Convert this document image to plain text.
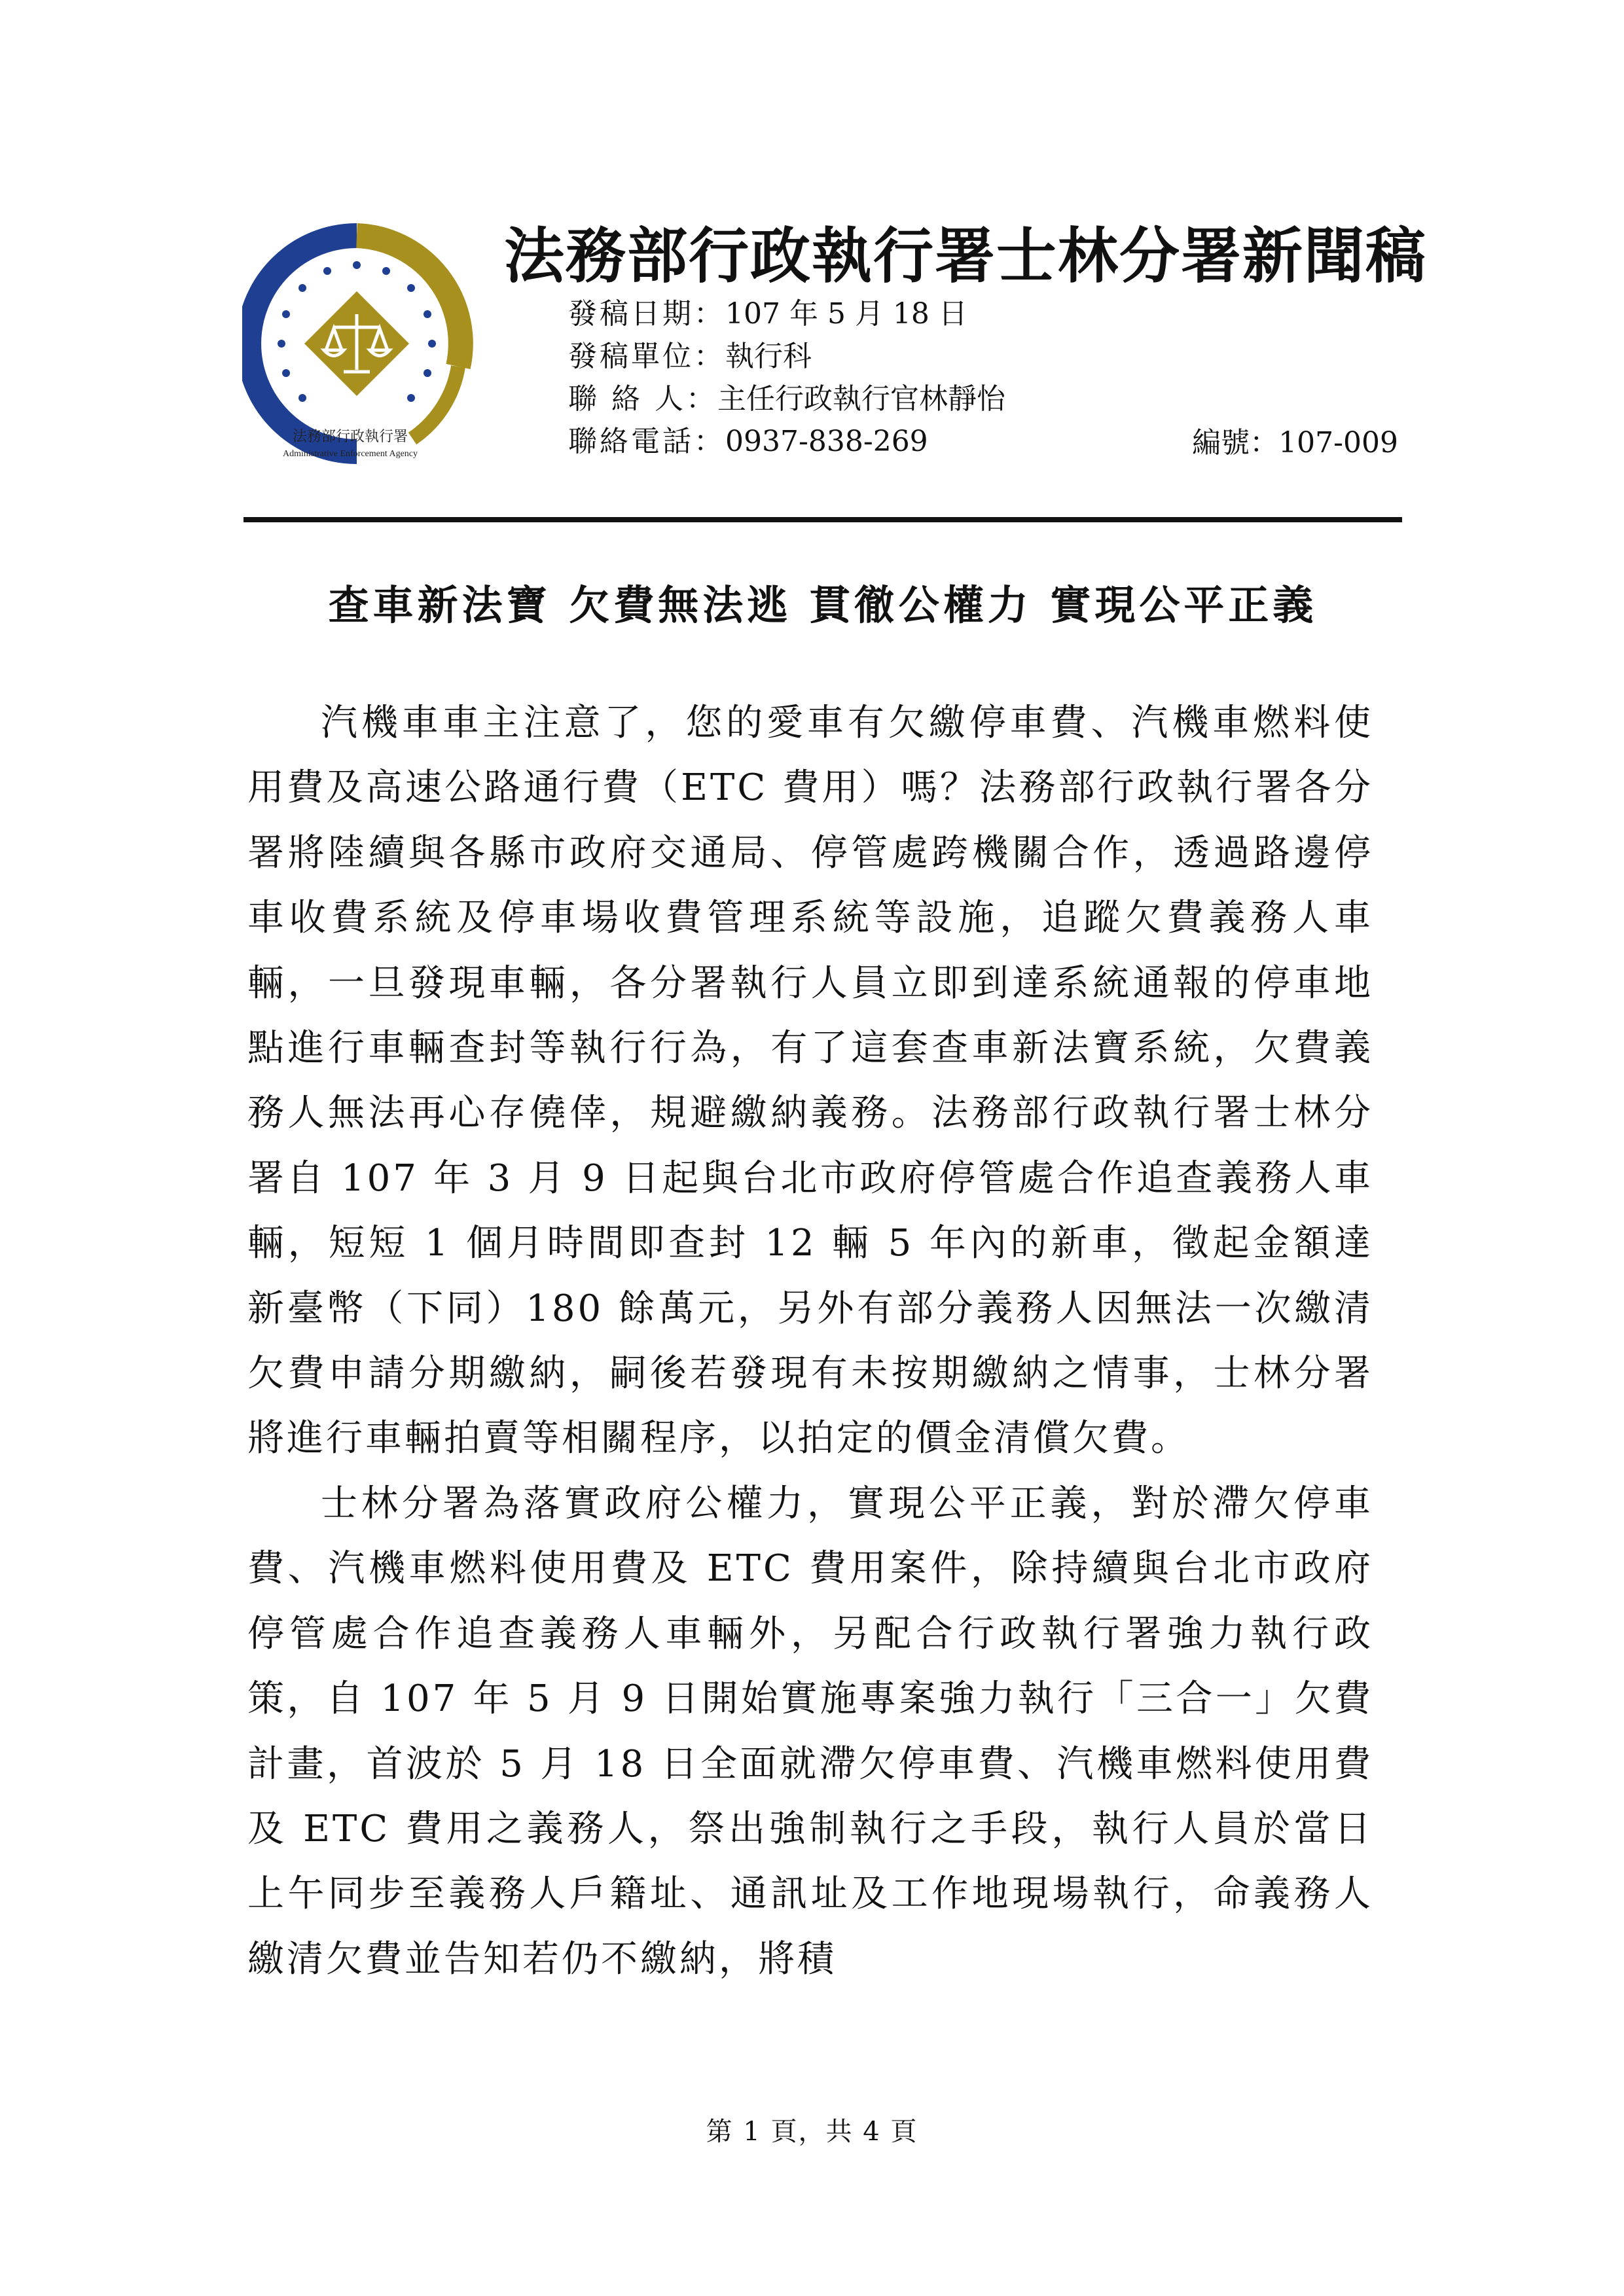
法務部行政執行署
Administrative Enforcement Agency
法務部行政執行署士林分署新聞稿
發稿日期：107 年 5 月 18 日
發稿單位：執行科
聯 絡 人：主任行政執行官林靜怡
聯絡電話：0937-838-269	編號：107-009
查車新法寶 欠費無法逃 貫徹公權力 實現公平正義

汽機車車主注意了，您的愛車有欠繳停車費、汽機車燃料使用費及高速公路通行費（ETC 費用）嗎？法務部行政執行署各分署將陸續與各縣市政府交通局、停管處跨機關合作，透過路邊停車收費系統及停車場收費管理系統等設施，追蹤欠費義務人車輛，一旦發現車輛，各分署執行人員立即到達系統通報的停車地點進行車輛查封等執行行為，有了這套查車新法寶系統，欠費義務人無法再心存僥倖，規避繳納義務。法務部行政執行署士林分署自 107 年 3 月 9 日起與台北市政府停管處合作追查義務人車輛，短短 1 個月時間即查封 12 輛 5 年內的新車，徵起金額達新臺幣（下同）180 餘萬元，另外有部分義務人因無法一次繳清欠費申請分期繳納，嗣後若發現有未按期繳納之情事，士林分署將進行車輛拍賣等相關程序，以拍定的價金清償欠費。

士林分署為落實政府公權力，實現公平正義，對於滯欠停車費、汽機車燃料使用費及 ETC 費用案件，除持續與台北市政府停管處合作追查義務人車輛外，另配合行政執行署強力執行政策，自 107 年 5 月 9 日開始實施專案強力執行「三合一」欠費計畫，首波於 5 月 18 日全面就滯欠停車費、汽機車燃料使用費及 ETC 費用之義務人，祭出強制執行之手段，執行人員於當日上午同步至義務人戶籍址、通訊址及工作地現場執行，命義務人繳清欠費並告知若仍不繳納，將積

第 1 頁，共 4 頁
